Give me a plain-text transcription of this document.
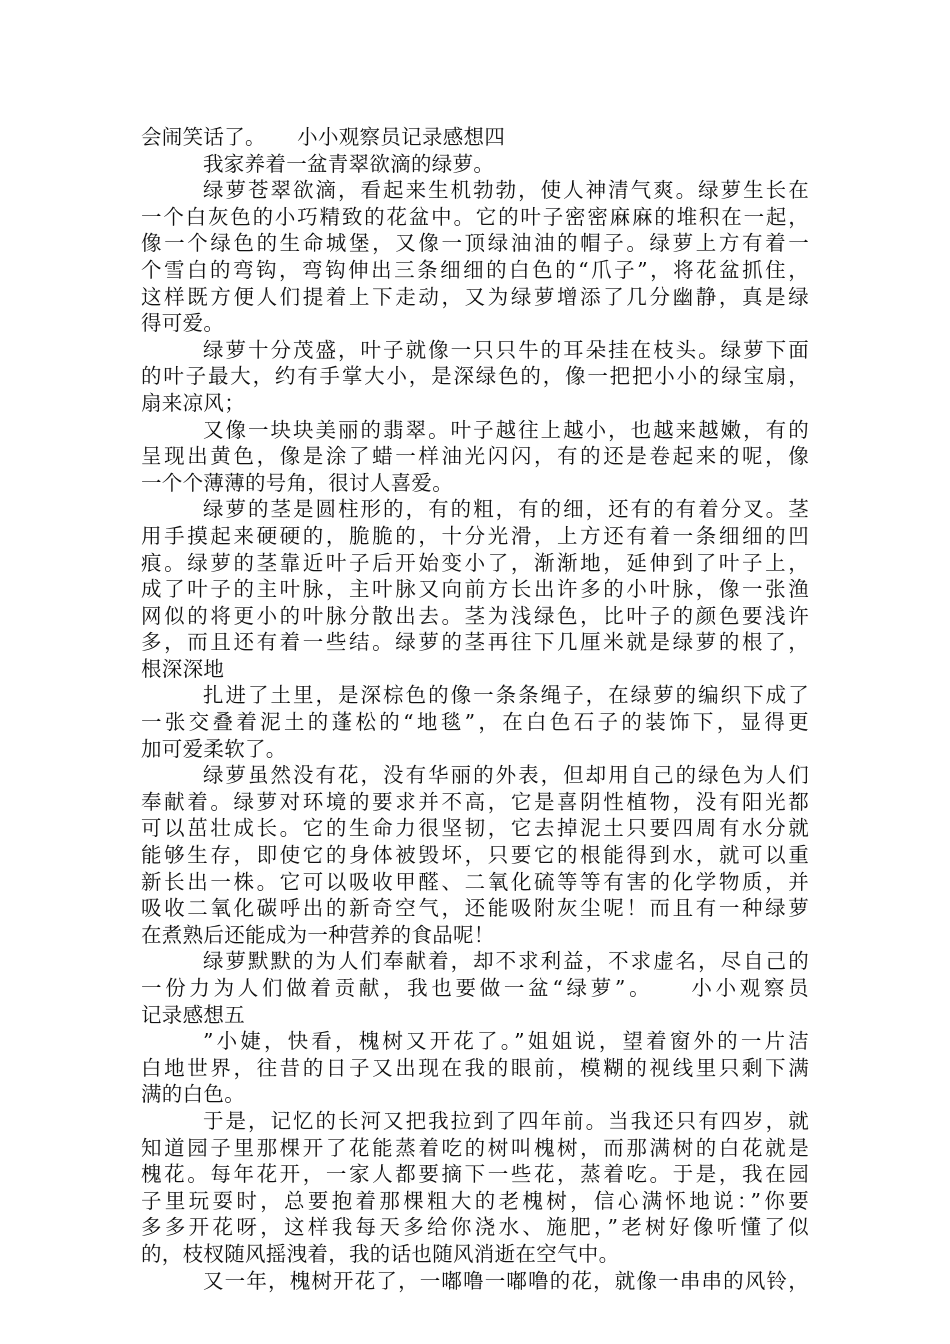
会闹笑话了。　　小小观察员记录感想四
我家养着一盆青翠欲滴的绿萝。
绿萝苍翠欲滴，看起来生机勃勃，使人神清气爽。绿萝生长在
一个白灰色的小巧精致的花盆中。它的叶子密密麻麻的堆积在一起，
像一个绿色的生命城堡，又像一顶绿油油的帽子。绿萝上方有着一
个雪白的弯钩，弯钩伸出三条细细的白色的“爪子”，将花盆抓住，
这样既方便人们提着上下走动，又为绿萝增添了几分幽静，真是绿
得可爱。
绿萝十分茂盛，叶子就像一只只牛的耳朵挂在枝头。绿萝下面
的叶子最大，约有手掌大小，是深绿色的，像一把把小小的绿宝扇，
扇来凉风；
又像一块块美丽的翡翠。叶子越往上越小，也越来越嫩，有的
呈现出黄色，像是涂了蜡一样油光闪闪，有的还是卷起来的呢，像
一个个薄薄的号角，很讨人喜爱。
绿萝的茎是圆柱形的，有的粗，有的细，还有的有着分叉。茎
用手摸起来硬硬的，脆脆的，十分光滑，上方还有着一条细细的凹
痕。绿萝的茎靠近叶子后开始变小了，渐渐地，延伸到了叶子上，
成了叶子的主叶脉，主叶脉又向前方长出许多的小叶脉，像一张渔
网似的将更小的叶脉分散出去。茎为浅绿色，比叶子的颜色要浅许
多，而且还有着一些结。绿萝的茎再往下几厘米就是绿萝的根了，
根深深地
扎进了土里，是深棕色的像一条条绳子，在绿萝的编织下成了
一张交叠着泥土的蓬松的“地毯”，在白色石子的装饰下，显得更
加可爱柔软了。
绿萝虽然没有花，没有华丽的外表，但却用自己的绿色为人们
奉献着。绿萝对环境的要求并不高，它是喜阴性植物，没有阳光都
可以茁壮成长。它的生命力很坚韧，它去掉泥土只要四周有水分就
能够生存，即使它的身体被毁坏，只要它的根能得到水，就可以重
新长出一株。它可以吸收甲醛、二氧化硫等等有害的化学物质，并
吸收二氧化碳呼出的新奇空气，还能吸附灰尘呢！而且有一种绿萝
在煮熟后还能成为一种营养的食品呢！
绿萝默默的为人们奉献着，却不求利益，不求虚名，尽自己的
一份力为人们做着贡献，我也要做一盆“绿萝”。　　小小观察员
记录感想五
”小婕，快看，槐树又开花了。”姐姐说，望着窗外的一片洁
白地世界，往昔的日子又出现在我的眼前，模糊的视线里只剩下满
满的白色。
于是，记忆的长河又把我拉到了四年前。当我还只有四岁，就
知道园子里那棵开了花能蒸着吃的树叫槐树，而那满树的白花就是
槐花。每年花开，一家人都要摘下一些花，蒸着吃。于是，我在园
子里玩耍时，总要抱着那棵粗大的老槐树，信心满怀地说：”你要
多多开花呀，这样我每天多给你浇水、施肥，”老树好像听懂了似
的，枝杈随风摇洩着，我的话也随风消逝在空气中。
又一年，槐树开花了，一嘟噜一嘟噜的花，就像一串串的风铃，
